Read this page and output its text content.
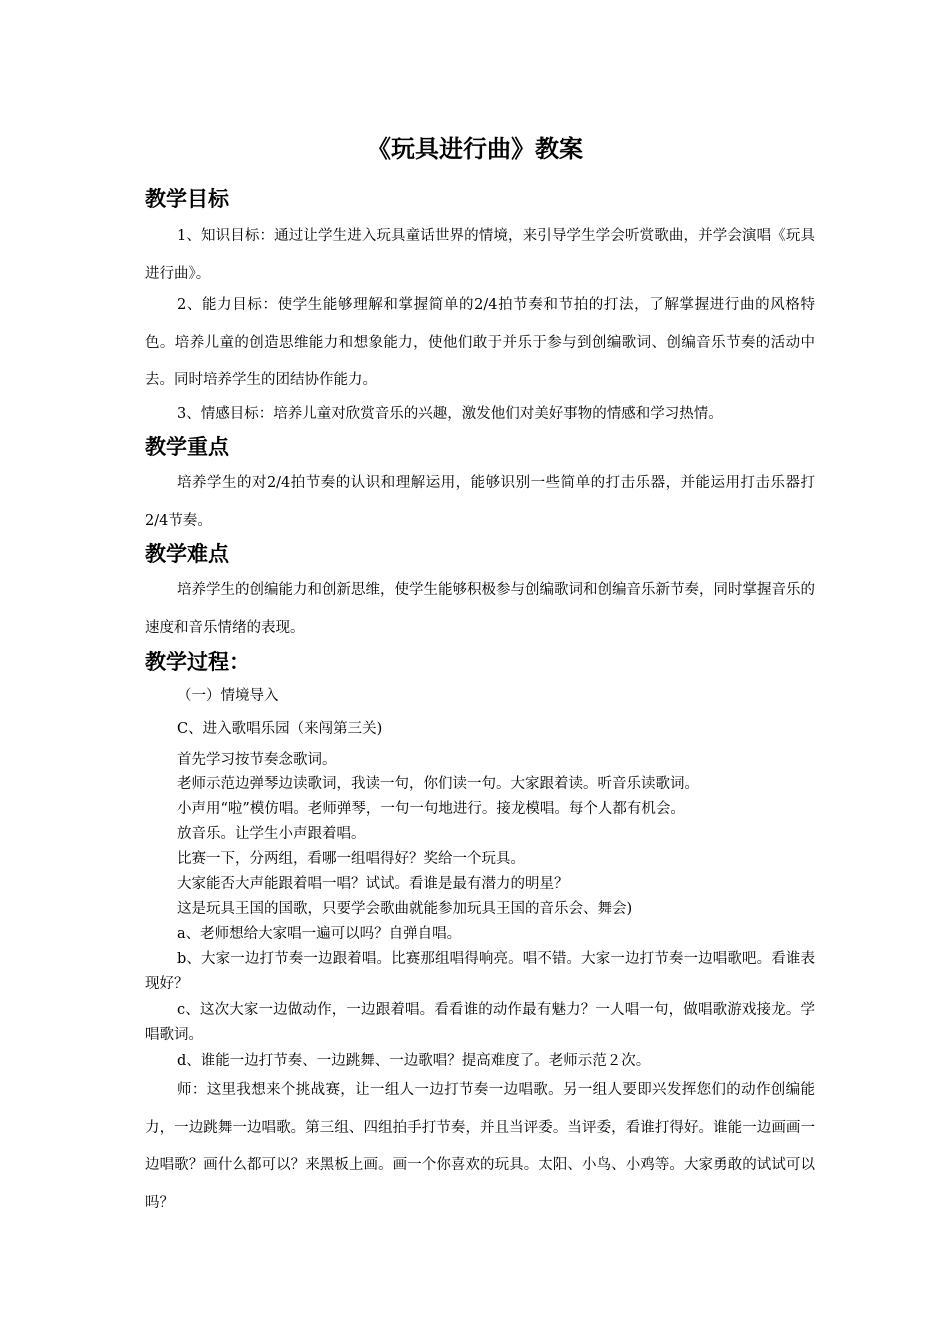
《玩具进行曲》教案
教学目标

1、知识目标：通过让学生进入玩具童话世界的情境，来引导学生学会听赏歌曲，并学会演唱《玩具进行曲》。

2、能力目标：使学生能够理解和掌握简单的2/4拍节奏和节拍的打法，了解掌握进行曲的风格特色。培养儿童的创造思维能力和想象能力，使他们敢于并乐于参与到创编歌词、创编音乐节奏的活动中去。同时培养学生的团结协作能力。

3、情感目标：培养儿童对欣赏音乐的兴趣，激发他们对美好事物的情感和学习热情。

教学重点

培养学生的对2/4拍节奏的认识和理解运用，能够识别一些简单的打击乐器，并能运用打击乐器打2/4节奏。

教学难点

培养学生的创编能力和创新思维，使学生能够积极参与创编歌词和创编音乐新节奏，同时掌握音乐的速度和音乐情绪的表现。

教学过程：
（一）情境导入
C、进入歌唱乐园（来闯第三关)
首先学习按节奏念歌词。
老师示范边弹琴边读歌词，我读一句，你们读一句。大家跟着读。听音乐读歌词。
小声用“啦”模仿唱。老师弹琴，一句一句地进行。接龙模唱。每个人都有机会。
放音乐。让学生小声跟着唱。
比赛一下，分两组，看哪一组唱得好？奖给一个玩具。
大家能否大声能跟着唱一唱？试试。看谁是最有潜力的明星？
这是玩具王国的国歌，只要学会歌曲就能参加玩具王国的音乐会、舞会)
a、老师想给大家唱一遍可以吗？自弹自唱。

b、大家一边打节奏一边跟着唱。比赛那组唱得响亮。唱不错。大家一边打节奏一边唱歌吧。看谁表现好？

c、这次大家一边做动作，一边跟着唱。看看谁的动作最有魅力？一人唱一句，做唱歌游戏接龙。学唱歌词。

d、谁能一边打节奏、一边跳舞、一边歌唱？提高难度了。老师示范２次。

师：这里我想来个挑战赛，让一组人一边打节奏一边唱歌。另一组人要即兴发挥您们的动作创编能力，一边跳舞一边唱歌。第三组、四组拍手打节奏，并且当评委。当评委，看谁打得好。谁能一边画画一边唱歌？画什么都可以？来黑板上画。画一个你喜欢的玩具。太阳、小鸟、小鸡等。大家勇敢的试试可以吗？
